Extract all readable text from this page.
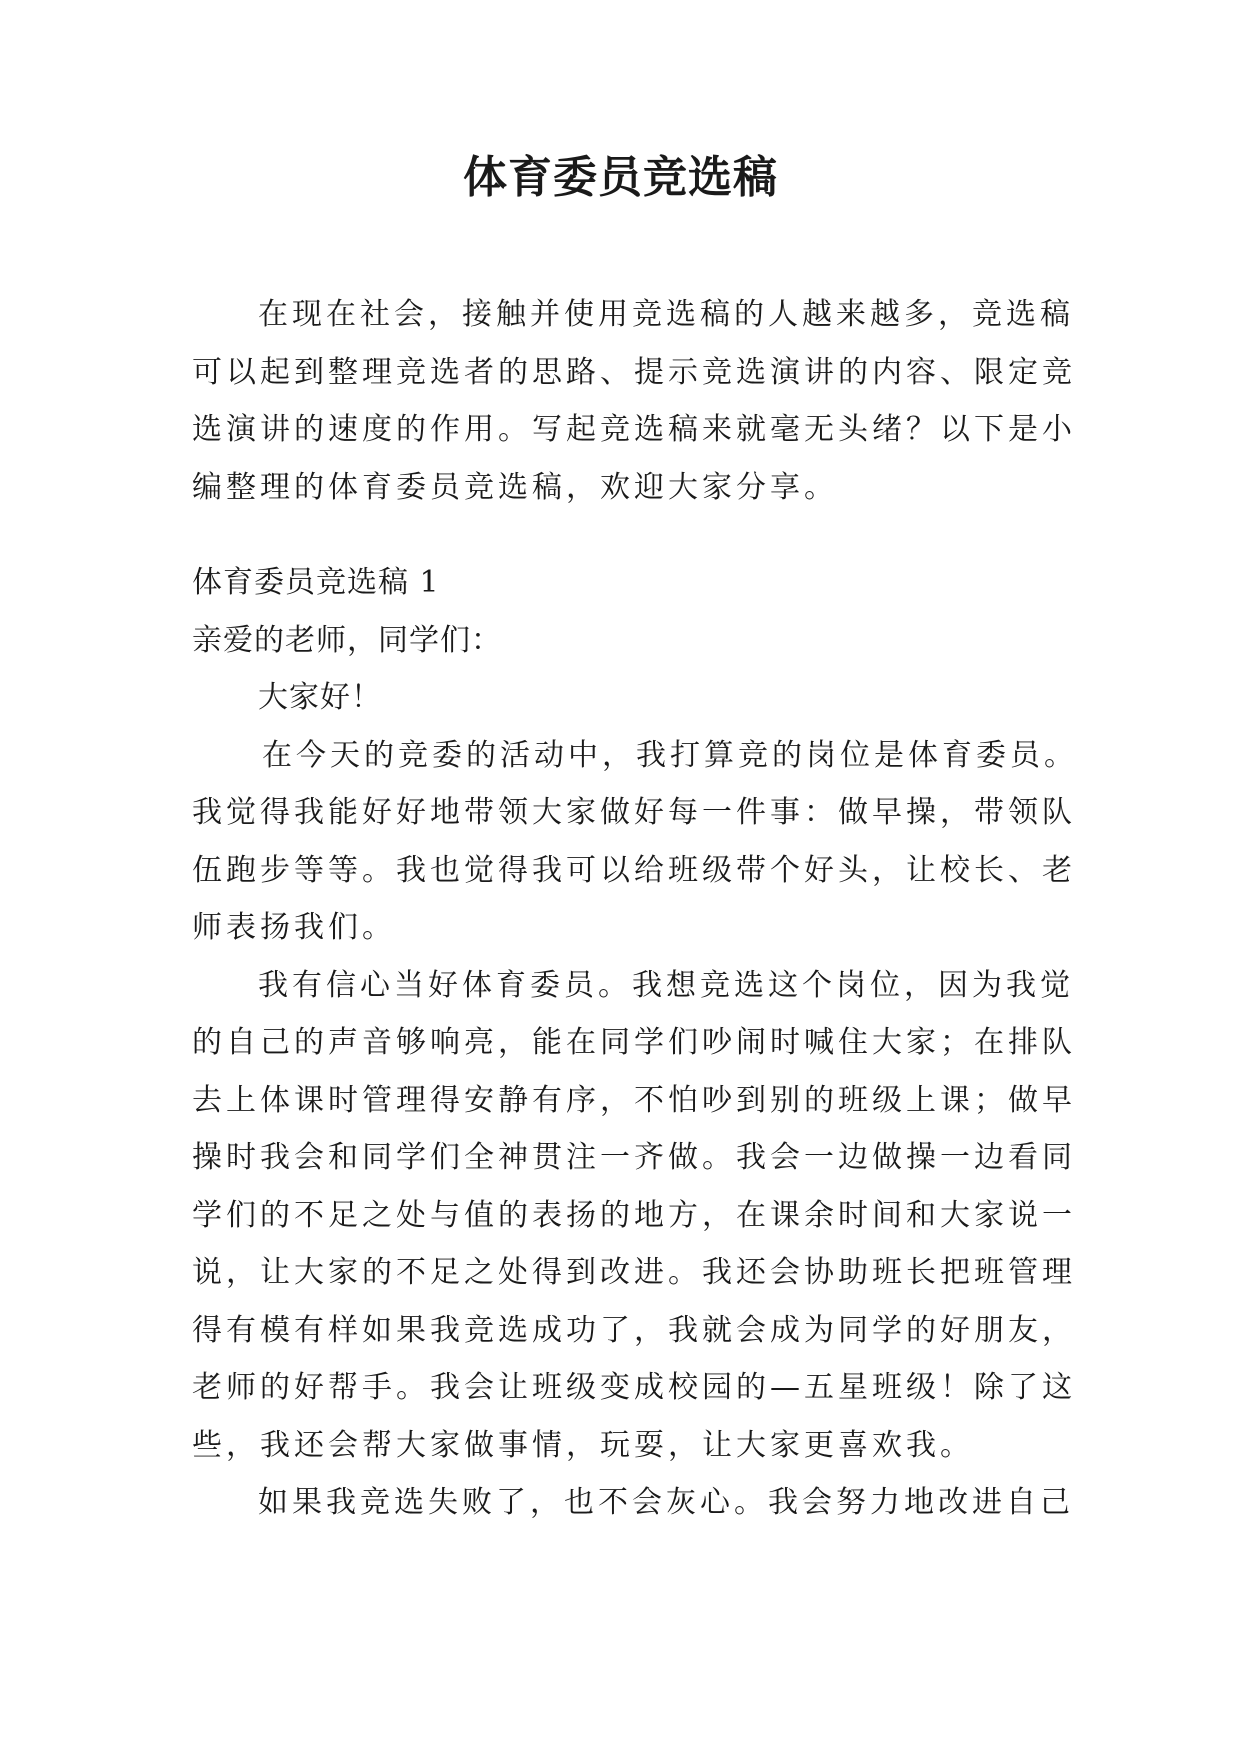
体育委员竞选稿
在现在社会，接触并使用竞选稿的人越来越多，竞选稿
可以起到整理竞选者的思路、提示竞选演讲的内容、限定竞
选演讲的速度的作用。写起竞选稿来就毫无头绪？以下是小
编整理的体育委员竞选稿，欢迎大家分享。
体育委员竞选稿 1
亲爱的老师，同学们：
大家好！
在今天的竞委的活动中，我打算竞的岗位是体育委员。
我觉得我能好好地带领大家做好每一件事：做早操，带领队
伍跑步等等。我也觉得我可以给班级带个好头，让校长、老
师表扬我们。
我有信心当好体育委员。我想竞选这个岗位，因为我觉
的自己的声音够响亮，能在同学们吵闹时喊住大家；在排队
去上体课时管理得安静有序，不怕吵到别的班级上课；做早
操时我会和同学们全神贯注一齐做。我会一边做操一边看同
学们的不足之处与值的表扬的地方，在课余时间和大家说一
说，让大家的不足之处得到改进。我还会协助班长把班管理
得有模有样如果我竞选成功了，我就会成为同学的好朋友，
老师的好帮手。我会让班级变成校园的—五星班级！除了这
些，我还会帮大家做事情，玩耍，让大家更喜欢我。
如果我竞选失败了，也不会灰心。我会努力地改进自己
